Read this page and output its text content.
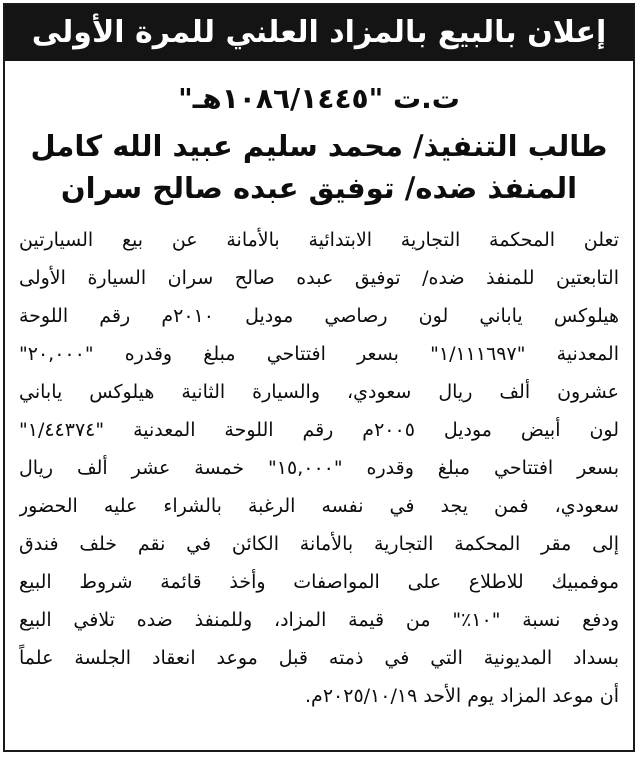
إعلان بالبيع بالمزاد العلني للمرة الأولى
ت.ت "١٠٨٦/١٤٤٥هـ"
طالب التنفيذ/ محمد سليم عبيد الله كامل
المنفذ ضده/ توفيق عبده صالح سران
تعلن المحكمة التجارية الابتدائية بالأمانة عن بيع السيارتين
التابعتين للمنفذ ضده/ توفيق عبده صالح سران السيارة الأولى
هيلوكس ياباني لون رصاصي موديل ٢٠١٠م رقم اللوحة
المعدنية "١/١١١٦٩٧" بسعر افتتاحي مبلغ وقدره "٢٠,٠٠٠"
عشرون ألف ريال سعودي، والسيارة الثانية هيلوكس ياباني
لون أبيض موديل ٢٠٠٥م رقم اللوحة المعدنية "١/٤٤٣٧٤"
بسعر افتتاحي مبلغ وقدره "١٥,٠٠٠" خمسة عشر ألف ريال
سعودي، فمن يجد في نفسه الرغبة بالشراء عليه الحضور
إلى مقر المحكمة التجارية بالأمانة الكائن في نقم خلف فندق
موفمبيك للاطلاع على المواصفات وأخذ قائمة شروط البيع
ودفع نسبة "١٠٪" من قيمة المزاد، وللمنفذ ضده تلافي البيع
بسداد المديونية التي في ذمته قبل موعد انعقاد الجلسة علماً
أن موعد المزاد يوم الأحد ٢٠٢٥/١٠/١٩م.
